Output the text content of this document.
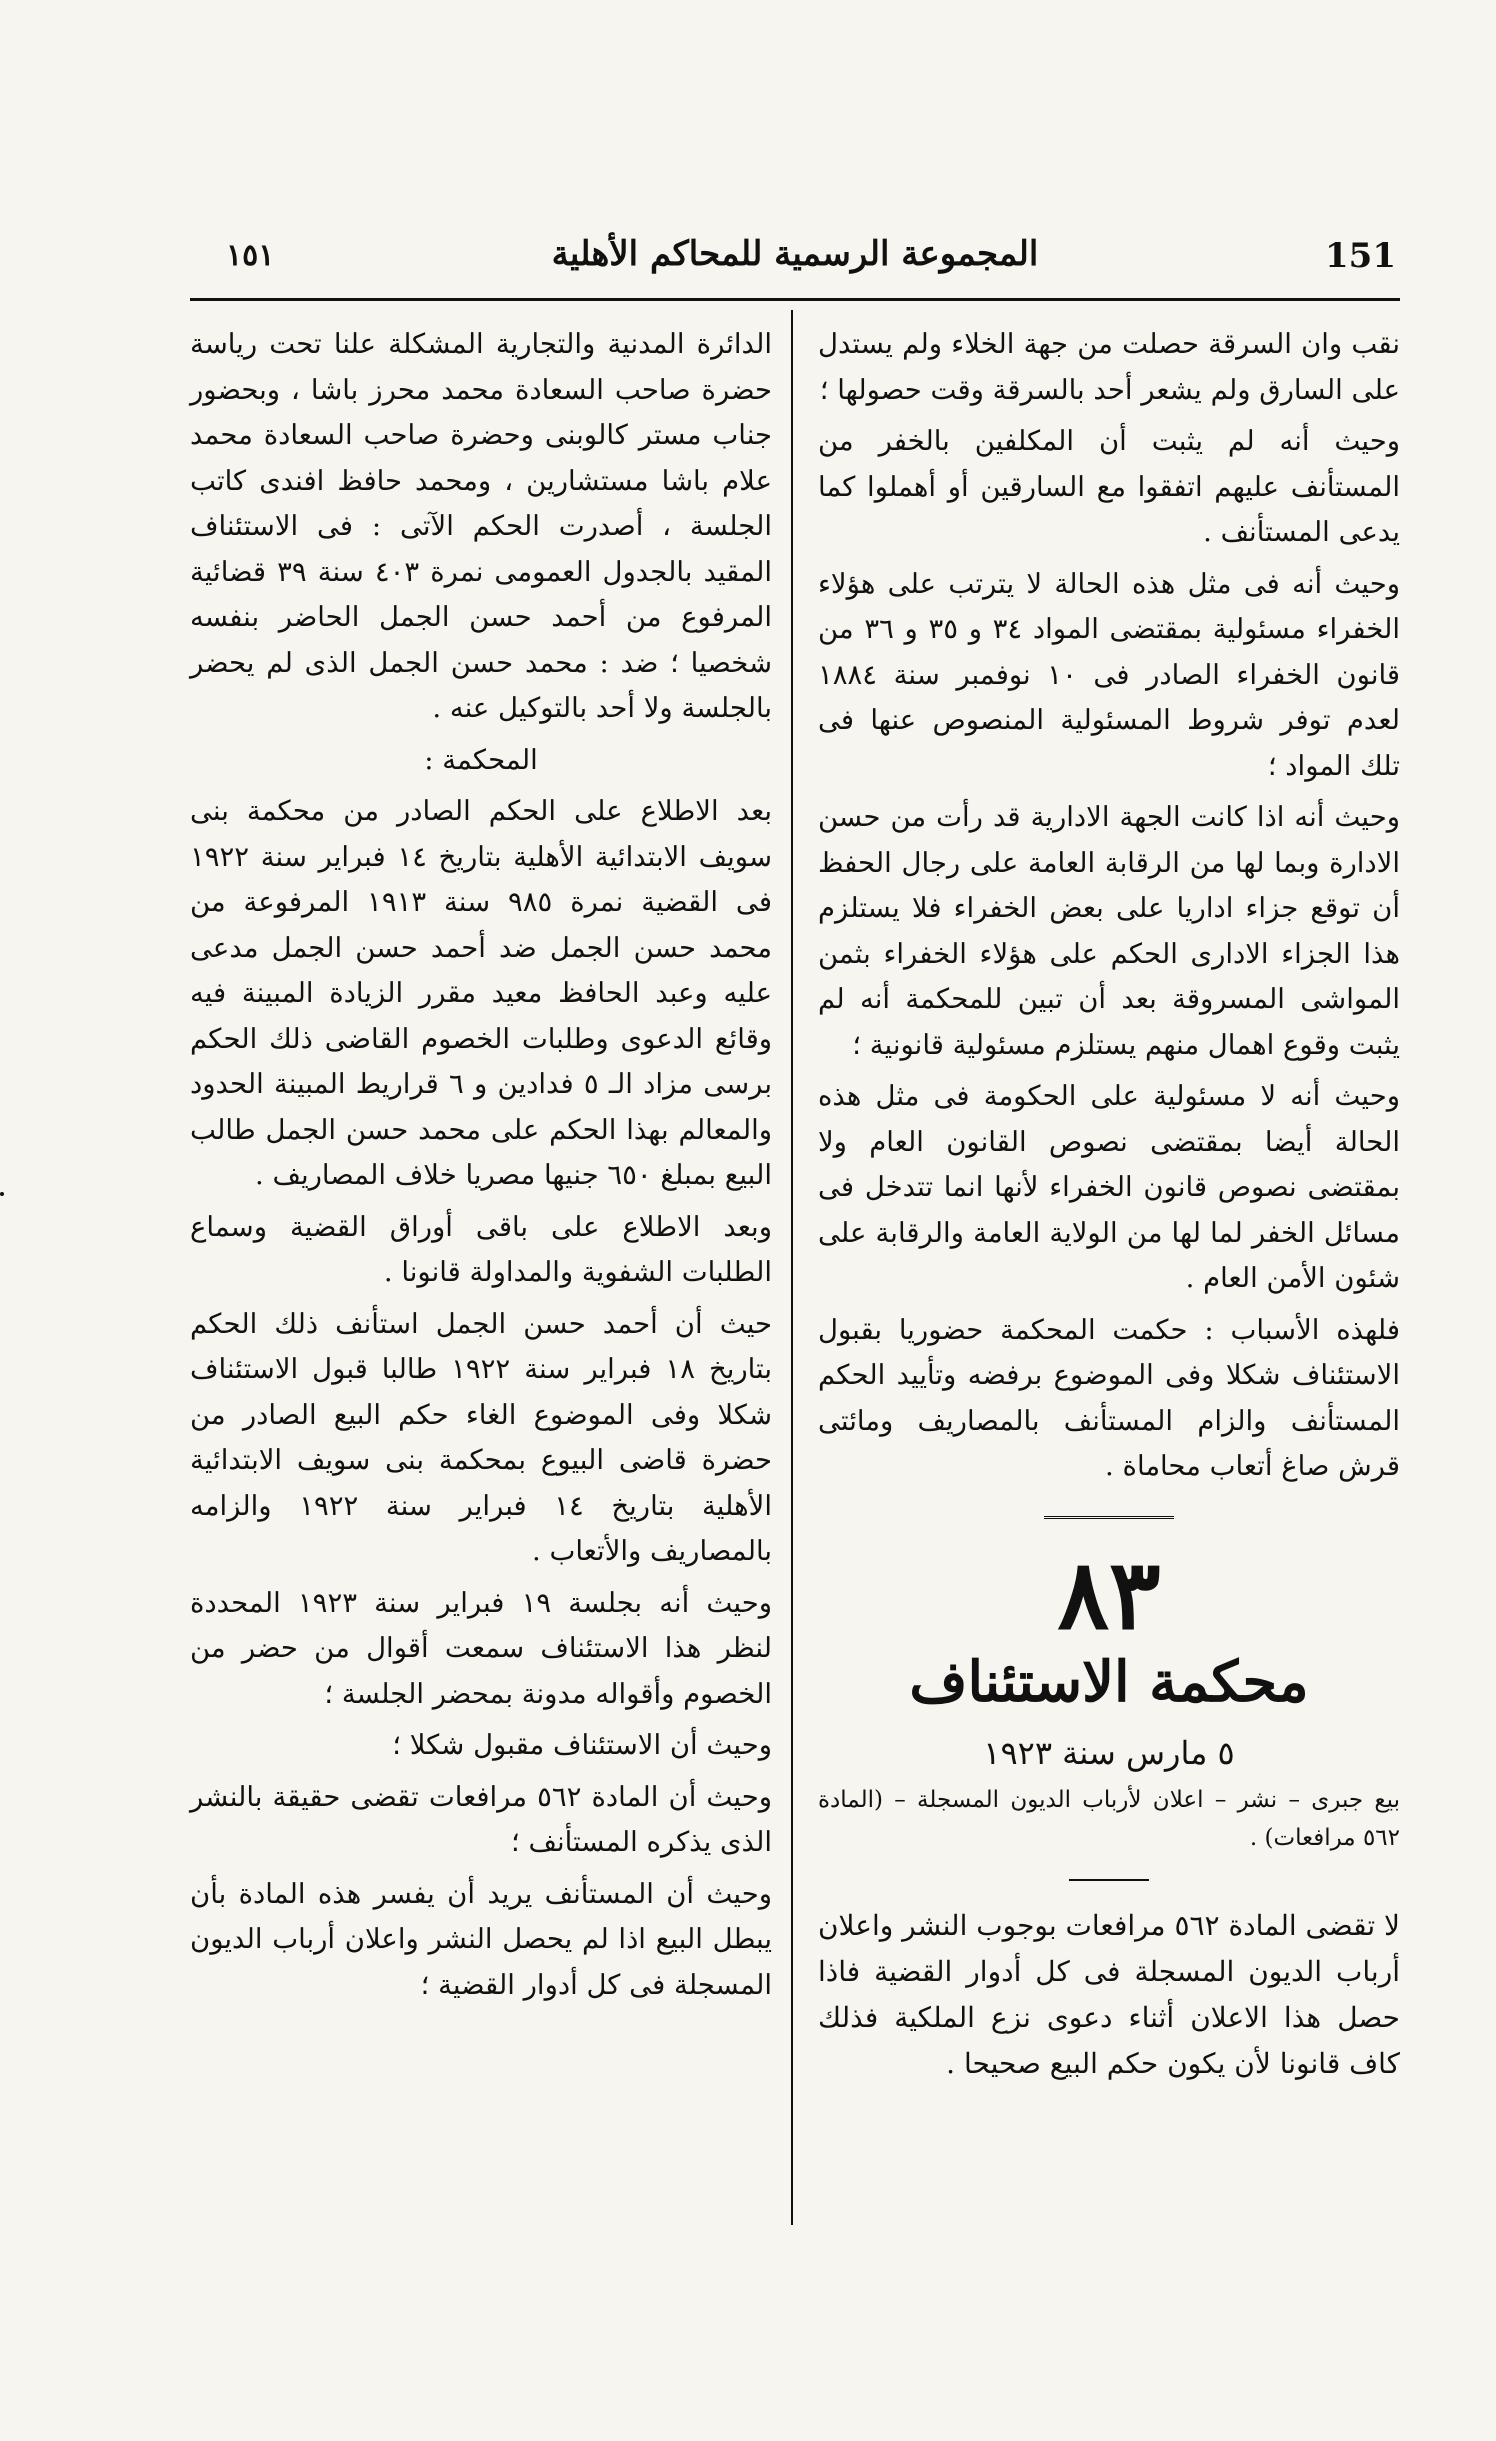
١٥١	المجموعة الرسمية للمحاكم الأهلية	151

نقب وان السرقة حصلت من جهة الخلاء ولم يستدل على السارق ولم يشعر أحد بالسرقة وقت حصولها ؛

وحيث أنه لم يثبت أن المكلفين بالخفر من المستأنف عليهم اتفقوا مع السارقين أو أهملوا كما يدعى المستأنف .

وحيث أنه فى مثل هذه الحالة لا يترتب على هؤلاء الخفراء مسئولية بمقتضى المواد ٣٤ و ٣٥ و ٣٦ من قانون الخفراء الصادر فى ١٠ نوفمبر سنة ١٨٨٤ لعدم توفر شروط المسئولية المنصوص عنها فى تلك المواد ؛

وحيث أنه اذا كانت الجهة الادارية قد رأت من حسن الادارة وبما لها من الرقابة العامة على رجال الحفظ أن توقع جزاء اداريا على بعض الخفراء فلا يستلزم هذا الجزاء الادارى الحكم على هؤلاء الخفراء بثمن المواشى المسروقة بعد أن تبين للمحكمة أنه لم يثبت وقوع اهمال منهم يستلزم مسئولية قانونية ؛

وحيث أنه لا مسئولية على الحكومة فى مثل هذه الحالة أيضا بمقتضى نصوص القانون العام ولا بمقتضى نصوص قانون الخفراء لأنها انما تتدخل فى مسائل الخفر لما لها من الولاية العامة والرقابة على شئون الأمن العام .

فلهذه الأسباب : حكمت المحكمة حضوريا بقبول الاستئناف شكلا وفى الموضوع برفضه وتأييد الحكم المستأنف والزام المستأنف بالمصاريف ومائتى قرش صاغ أتعاب محاماة .

٨٣
محكمة الاستئناف
٥ مارس سنة ١٩٢٣

بيع جبرى – نشر – اعلان لأرباب الديون المسجلة – (المادة ٥٦٢ مرافعات) .

لا تقضى المادة ٥٦٢ مرافعات بوجوب النشر واعلان أرباب الديون المسجلة فى كل أدوار القضية فاذا حصل هذا الاعلان أثناء دعوى نزع الملكية فذلك كاف قانونا لأن يكون حكم البيع صحيحا .

الدائرة المدنية والتجارية المشكلة علنا تحت رياسة حضرة صاحب السعادة محمد محرز باشا ، وبحضور جناب مستر كالوبنى وحضرة صاحب السعادة محمد علام باشا مستشارين ، ومحمد حافظ افندى كاتب الجلسة ، أصدرت الحكم الآتى : فى الاستئناف المقيد بالجدول العمومى نمرة ٤٠٣ سنة ٣٩ قضائية المرفوع من أحمد حسن الجمل الحاضر بنفسه شخصيا ؛ ضد : محمد حسن الجمل الذى لم يحضر بالجلسة ولا أحد بالتوكيل عنه .

المحكمة :

بعد الاطلاع على الحكم الصادر من محكمة بنى سويف الابتدائية الأهلية بتاريخ ١٤ فبراير سنة ١٩٢٢ فى القضية نمرة ٩٨٥ سنة ١٩١٣ المرفوعة من محمد حسن الجمل ضد أحمد حسن الجمل مدعى عليه وعبد الحافظ معيد مقرر الزيادة المبينة فيه وقائع الدعوى وطلبات الخصوم القاضى ذلك الحكم برسى مزاد الـ ٥ فدادين و ٦ قراريط المبينة الحدود والمعالم بهذا الحكم على محمد حسن الجمل طالب البيع بمبلغ ٦٥٠ جنيها مصريا خلاف المصاريف .

وبعد الاطلاع على باقى أوراق القضية وسماع الطلبات الشفوية والمداولة قانونا .

حيث أن أحمد حسن الجمل استأنف ذلك الحكم بتاريخ ١٨ فبراير سنة ١٩٢٢ طالبا قبول الاستئناف شكلا وفى الموضوع الغاء حكم البيع الصادر من حضرة قاضى البيوع بمحكمة بنى سويف الابتدائية الأهلية بتاريخ ١٤ فبراير سنة ١٩٢٢ والزامه بالمصاريف والأتعاب .

وحيث أنه بجلسة ١٩ فبراير سنة ١٩٢٣ المحددة لنظر هذا الاستئناف سمعت أقوال من حضر من الخصوم وأقواله مدونة بمحضر الجلسة ؛

وحيث أن الاستئناف مقبول شكلا ؛

وحيث أن المادة ٥٦٢ مرافعات تقضى حقيقة بالنشر الذى يذكره المستأنف ؛

وحيث أن المستأنف يريد أن يفسر هذه المادة بأن يبطل البيع اذا لم يحصل النشر واعلان أرباب الديون المسجلة فى كل أدوار القضية ؛
